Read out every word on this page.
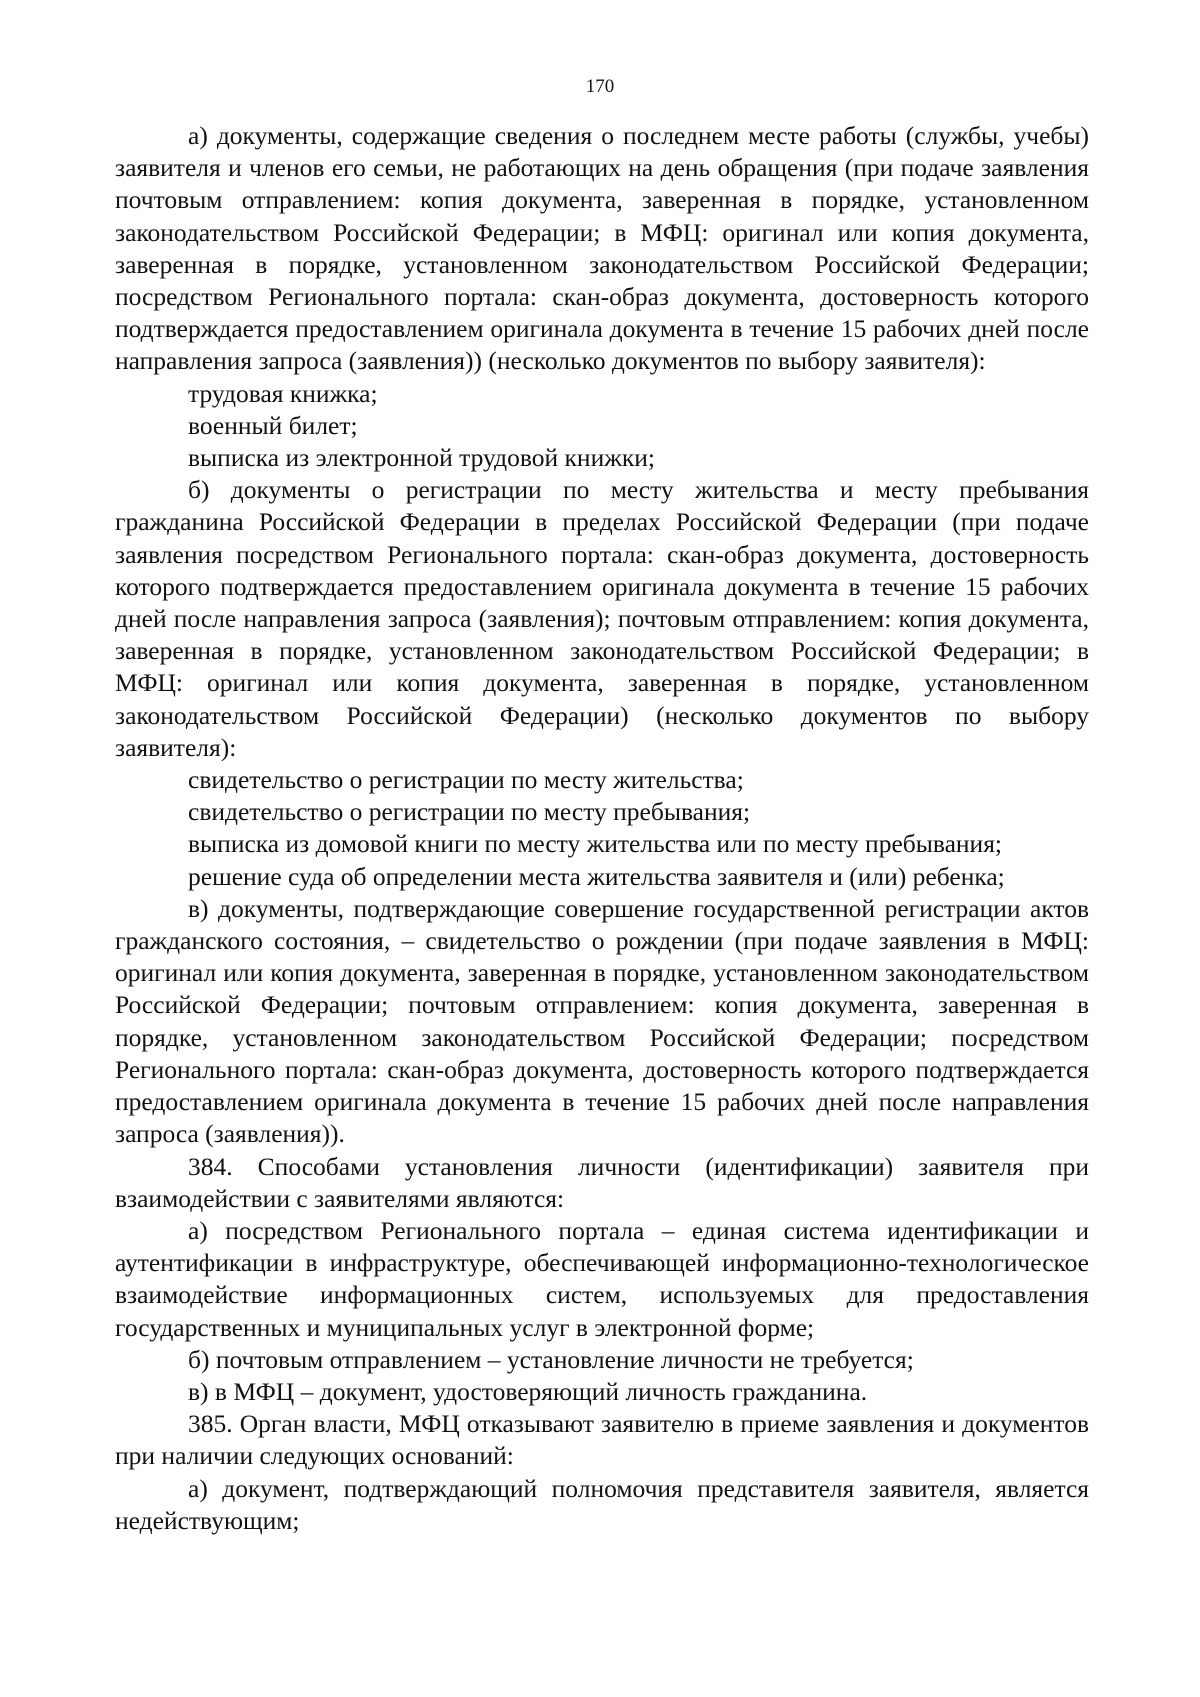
170

а) документы, содержащие сведения о последнем месте работы (службы, учебы) заявителя и членов его семьи, не работающих на день обращения (при подаче заявления почтовым отправлением: копия документа, заверенная в порядке, установленном законодательством Российской Федерации; в МФЦ: оригинал или копия документа, заверенная в порядке, установленном законодательством Российской Федерации; посредством Регионального портала: скан-образ документа, достоверность которого подтверждается предоставлением оригинала документа в течение 15 рабочих дней после направления запроса (заявления)) (несколько документов по выбору заявителя):

трудовая книжка;

военный билет;

выписка из электронной трудовой книжки;

б) документы о регистрации по месту жительства и месту пребывания гражданина Российской Федерации в пределах Российской Федерации (при подаче заявления посредством Регионального портала: скан-образ документа, достоверность которого подтверждается предоставлением оригинала документа в течение 15 рабочих дней после направления запроса (заявления); почтовым отправлением: копия документа, заверенная в порядке, установленном законодательством Российской Федерации; в МФЦ: оригинал или копия документа, заверенная в порядке, установленном законодательством Российской Федерации) (несколько документов по выбору заявителя):

свидетельство о регистрации по месту жительства;

свидетельство о регистрации по месту пребывания;

выписка из домовой книги по месту жительства или по месту пребывания;

решение суда об определении места жительства заявителя и (или) ребенка;

в) документы, подтверждающие совершение государственной регистрации актов гражданского состояния, – свидетельство о рождении (при подаче заявления в МФЦ: оригинал или копия документа, заверенная в порядке, установленном законодательством Российской Федерации; почтовым отправлением: копия документа, заверенная в порядке, установленном законодательством Российской Федерации; посредством Регионального портала: скан-образ документа, достоверность которого подтверждается предоставлением оригинала документа в течение 15 рабочих дней после направления запроса (заявления)).

384. Способами установления личности (идентификации) заявителя при взаимодействии с заявителями являются:

а) посредством Регионального портала – единая система идентификации и аутентификации в инфраструктуре, обеспечивающей информационно-технологическое взаимодействие информационных систем, используемых для предоставления государственных и муниципальных услуг в электронной форме;

б) почтовым отправлением – установление личности не требуется;

в) в МФЦ – документ, удостоверяющий личность гражданина.

385. Орган власти, МФЦ отказывают заявителю в приеме заявления и документов при наличии следующих оснований:

а) документ, подтверждающий полномочия представителя заявителя, является недействующим;
